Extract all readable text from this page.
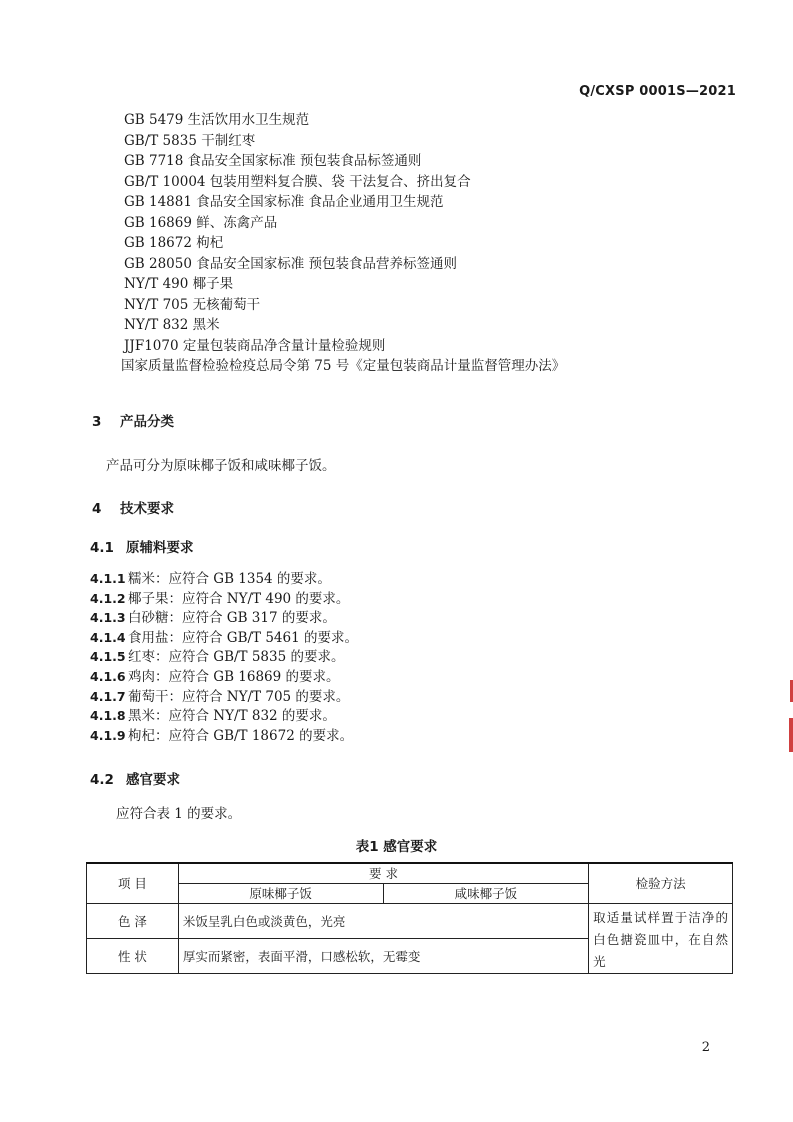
Q/CXSP 0001S—2021
GB 5479 生活饮用水卫生规范
GB/T 5835 干制红枣
GB 7718 食品安全国家标准 预包装食品标签通则
GB/T 10004 包装用塑料复合膜、袋 干法复合、挤出复合
GB 14881 食品安全国家标准 食品企业通用卫生规范
GB 16869 鲜、冻禽产品
GB 18672 枸杞
GB 28050 食品安全国家标准 预包装食品营养标签通则
NY/T 490 椰子果
NY/T 705 无核葡萄干
NY/T 832 黑米
JJF1070 定量包装商品净含量计量检验规则
国家质量监督检验检疫总局令第 75 号《定量包装商品计量监督管理办法》
3 产品分类
产品可分为原味椰子饭和咸味椰子饭。
4 技术要求
4.1 原辅料要求
4.1.1 糯米：应符合 GB 1354 的要求。
4.1.2 椰子果：应符合 NY/T 490 的要求。
4.1.3 白砂糖：应符合 GB 317 的要求。
4.1.4 食用盐：应符合 GB/T 5461 的要求。
4.1.5 红枣：应符合 GB/T 5835 的要求。
4.1.6 鸡肉：应符合 GB 16869 的要求。
4.1.7 葡萄干：应符合 NY/T 705 的要求。
4.1.8 黑米：应符合 NY/T 832 的要求。
4.1.9 枸杞：应符合 GB/T 18672 的要求。
4.2 感官要求
应符合表 1 的要求。
表1 感官要求
项 目	要 求		检验方法
	原味椰子饭	咸味椰子饭	
色 泽	米饭呈乳白色或淡黄色，光亮		取适量试样置于洁净的白色搪瓷皿中，在自然光
性 状	厚实而紧密，表面平滑，口感松软，无霉变		
2
